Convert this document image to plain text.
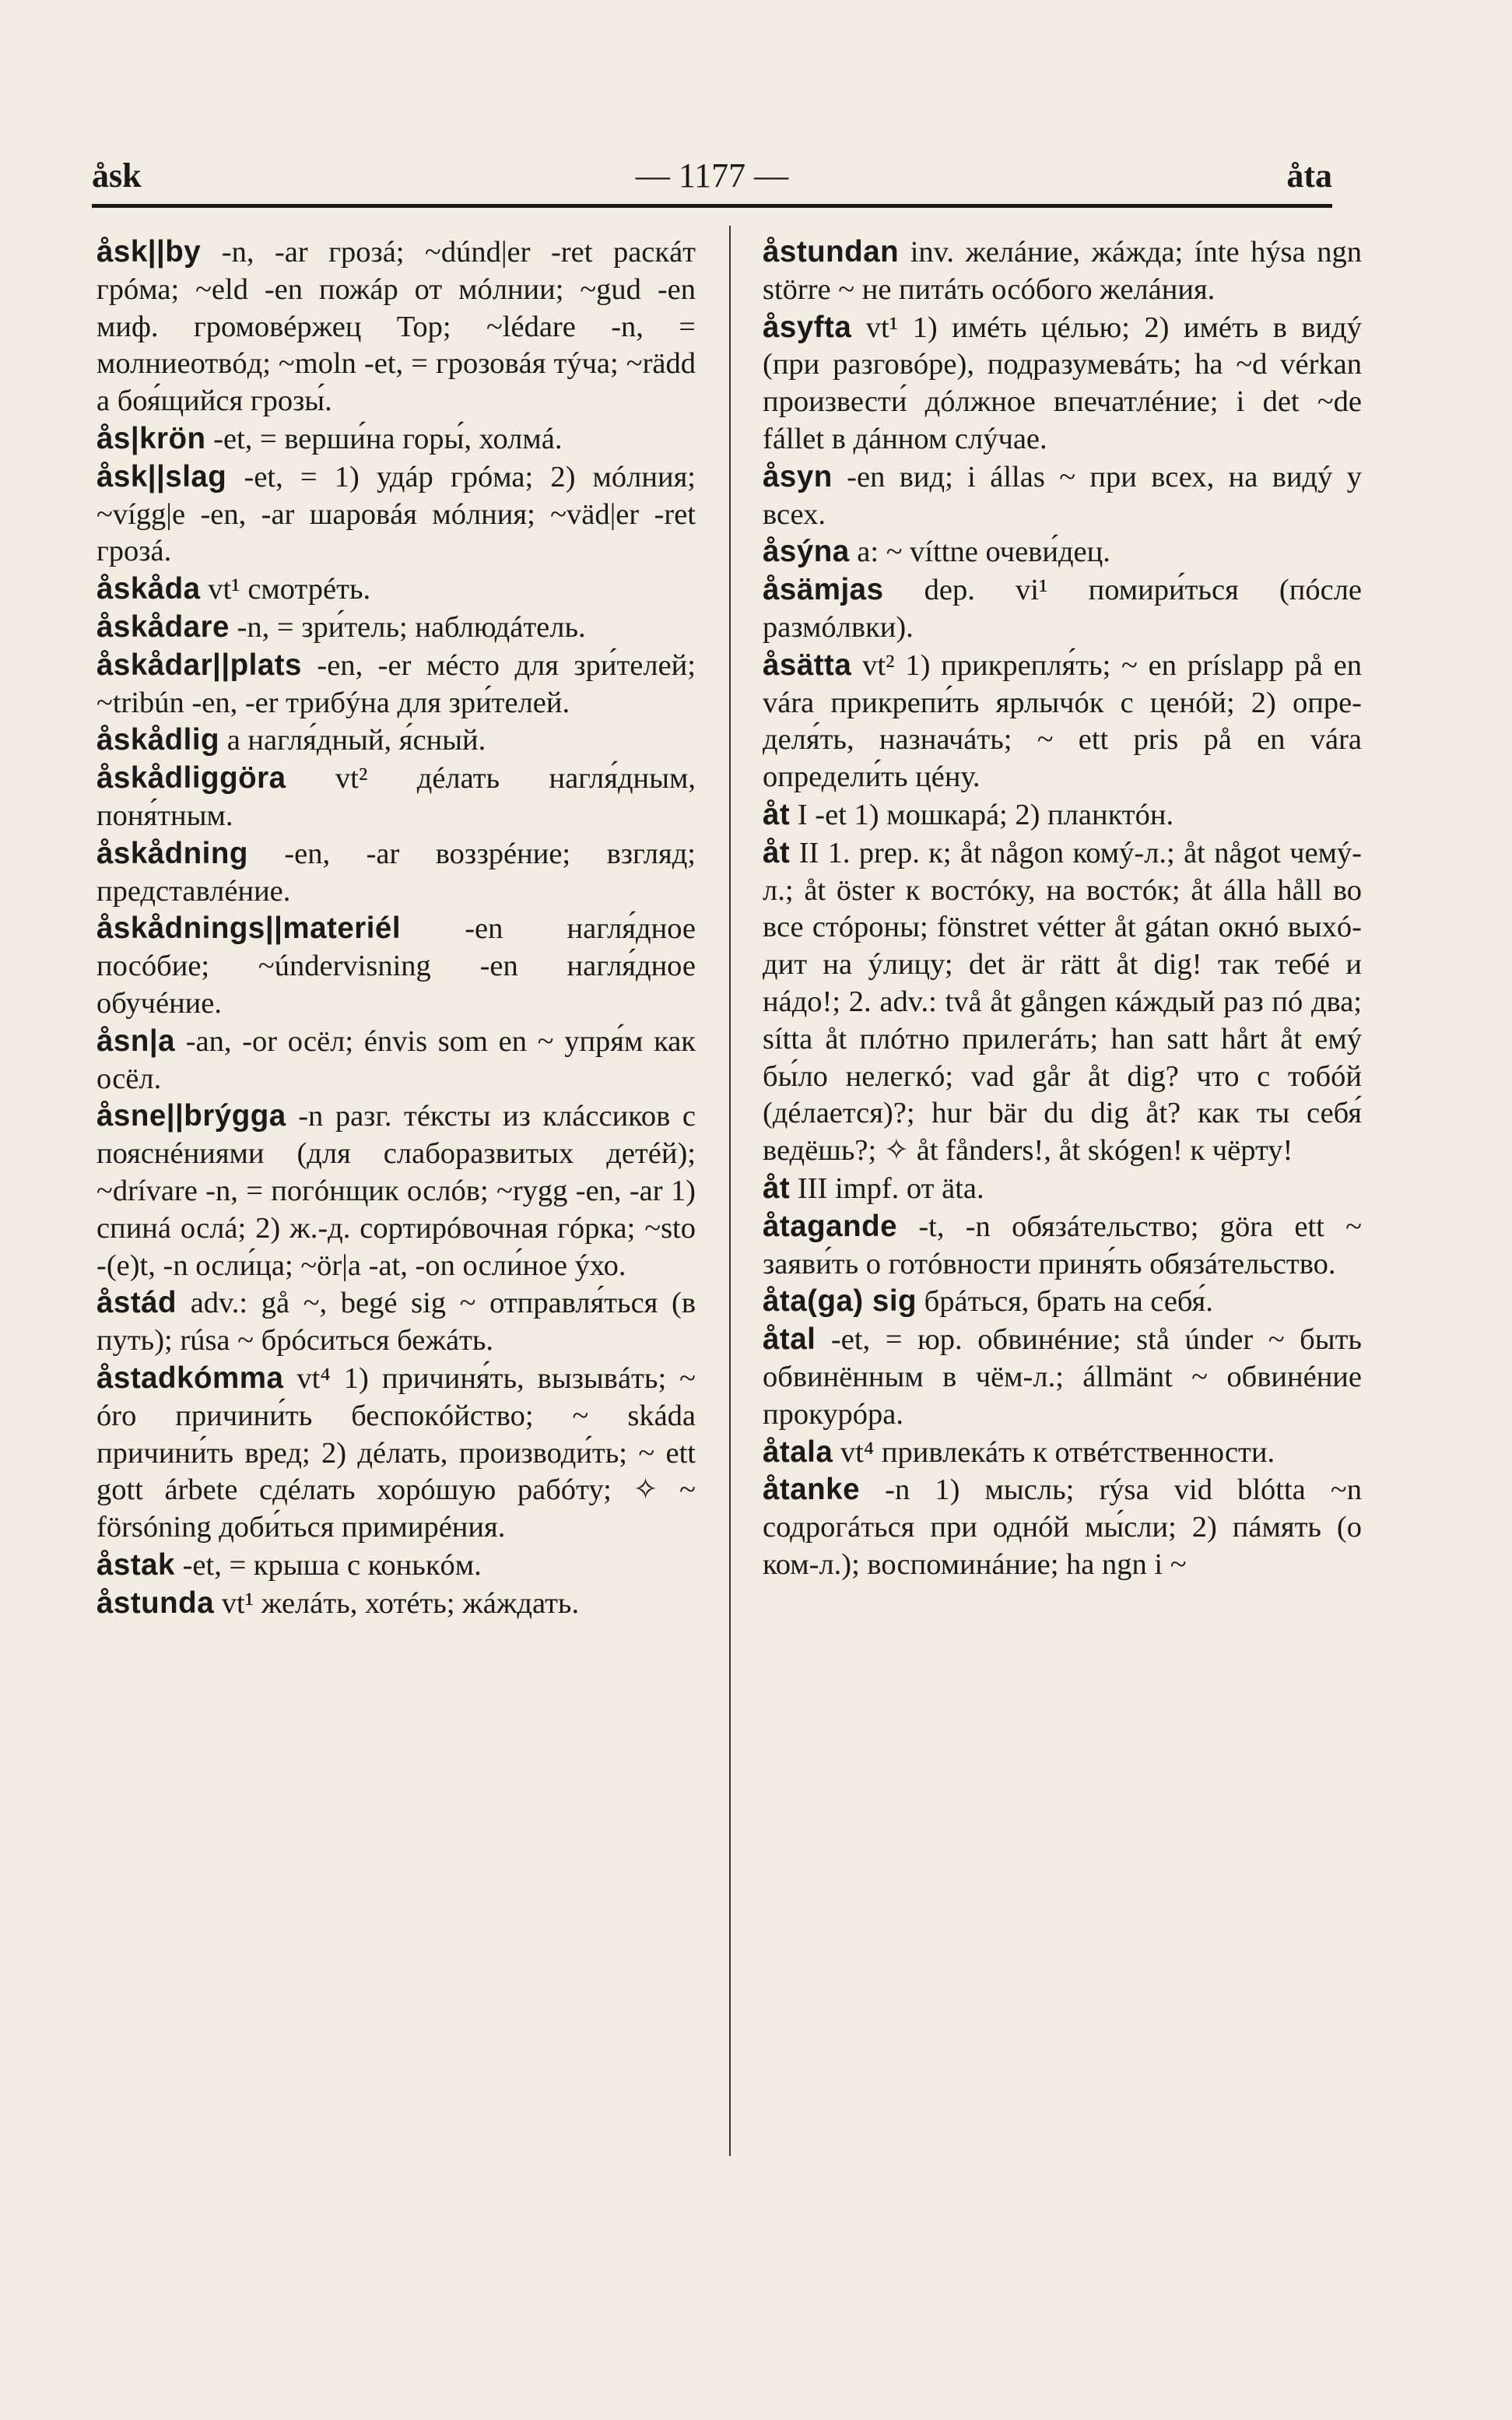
åsk	— 1177 —	åta

åsk||by -n, -ar грозá; ~dúnd|er -ret раскáт грóма; ~eld -en пожáр от мóлнии; ~gud -en миф. громовéржец Тор; ~lédare -n, = молниеотвóд; ~moln -et, = грозовáя тýча; ~rädd a боя́щийся грозы́.

ås|krön -et, = верши́на горы́, холмá.

åsk||slag -et, = 1) удáр грóма; 2) мóлния; ~vígg|e -en, -ar шаровáя мóлния; ~väd|er -ret грозá.

åskåda vt¹ смотрéть.

åskådare -n, = зри́тель; наблюдáтель.

åskådar||plats -en, -er мéсто для зри́телей; ~tribún -en, -er трибýна для зри́телей.

åskådlig a нагля́дный, я́сный.

åskådliggöra vt² дéлать нагля́дным, поня́тным.

åskådning -en, -ar воззрéние; взгляд; представлéние.

åskådnings||materiél -en нагля́дное посóбие; ~úndervisning -en нагля́дное обучéние.

åsn|a -an, -or осёл; énvis som en ~ упря́м как осёл.

åsne||brýgga -n разг. тéксты из клáссиков с пояснéниями (для слаборазвитых детéй); ~drívare -n, = погóнщик ослóв; ~rygg -en, -ar 1) спинá ослá; 2) ж.-д. сортирóвочная гóрка; ~sto -(e)t, -n осли́ца; ~ör|a -at, -on осли́ное ýхо.

åstád adv.: gå ~, begé sig ~ отправля́ться (в путь); rúsa ~ брóситься бежáть.

åstadkómma vt⁴ 1) причиня́ть, вызывáть; ~ óro причини́ть беспокóйство; ~ skáda причини́ть вред; 2) дéлать, производи́ть; ~ ett gott árbete сдéлать хорóшую рабóту; ✧ ~ försóning доби́ться примирéния.

åstak -et, = крыша с конькóм.

åstunda vt¹ желáть, хотéть; жáждать.

åstundan inv. желáние, жáжда; ínte hýsa ngn större ~ не питáть осóбого желáния.

åsyfta vt¹ 1) имéть цéлью; 2) имéть в видý (при разговóре), подразумевáть; ha ~d vérkan произвести́ дóлжное впечатлéние; i det ~de fállet в дáнном слýчае.

åsyn -en вид; i állas ~ при всех, на видý у всех.

åsýna a: ~ víttne очеви́дец.

åsämjas dep. vi¹ помири́ться (пóсле размóлвки).

åsätta vt² 1) прикрепля́ть; ~ en príslapp på en vára прикрепи́ть ярлычóк с ценóй; 2) определя́ть, назначáть; ~ ett pris på en vára определи́ть цéну.

åt I -et 1) мошкарá; 2) планктóн.

åt II 1. prep. к; åt någon комý-л.; åt något чемý-л.; åt öster к востóку, на востóк; åt álla håll во все стóроны; fönstret vétter åt gátan окнó выхóдит на ýлицу; det är rätt åt dig! так тебé и нáдо!; 2. adv.: två åt gången кáждый раз пó два; sítta åt плóтно прилегáть; han satt hårt åt емý бы́ло нелегкó; vad går åt dig? что с тобóй (дéлается)?; hur bär du dig åt? как ты себя́ ведёшь?; ✧ åt fånders!, åt skógen! к чёрту!

åt III impf. от äta.

åtagande -t, -n обязáтельство; göra ett ~ заяви́ть о готóвности приня́ть обязáтельство.

åta(ga) sig брáться, брать на себя́.

åtal -et, = юр. обвинéние; stå únder ~ быть обвинённым в чём-л.; állmänt ~ обвинéние прокурóра.

åtala vt⁴ привлекáть к отвéтственности.

åtanke -n 1) мысль; rýsa vid blótta ~n содрогáться при однóй мы́сли; 2) пáмять (о ком-л.); воспоминáние; ha ngn i ~
